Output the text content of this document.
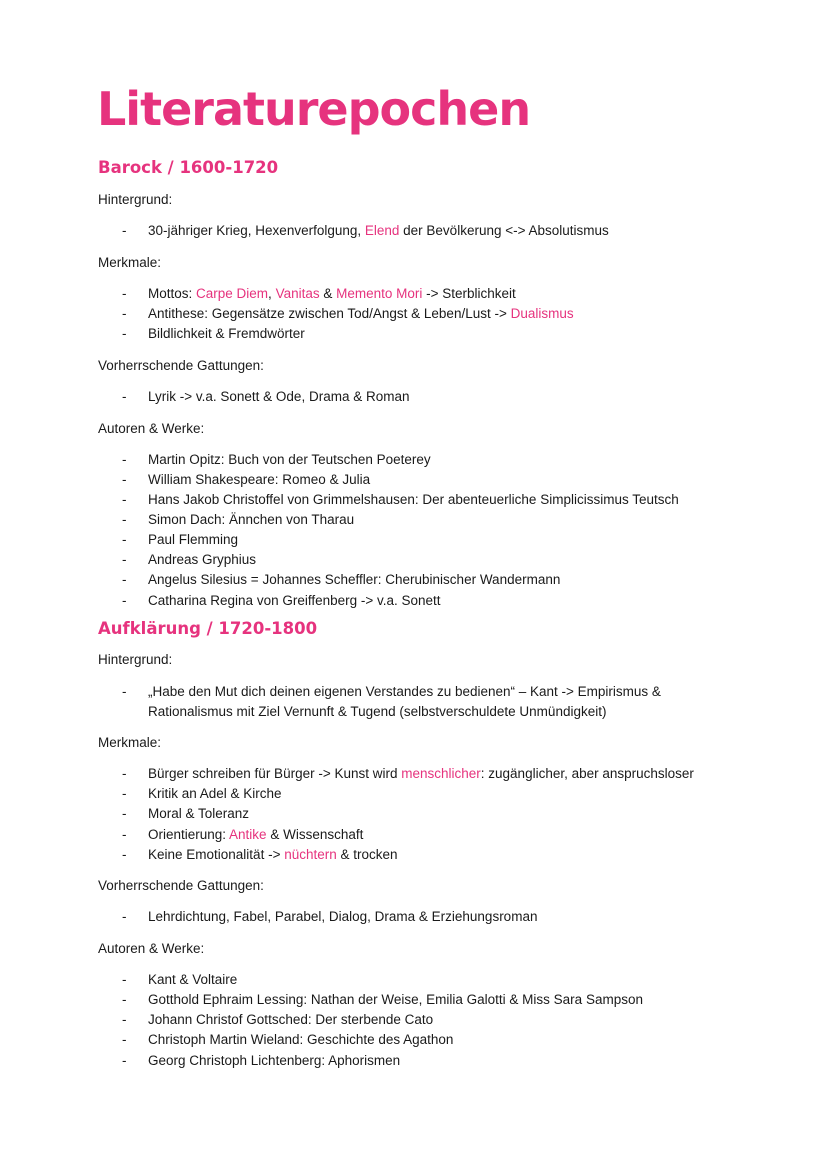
Literaturepochen
Barock / 1600-1720

Hintergrund:

- 30-jähriger Krieg, Hexenverfolgung, Elend der Bevölkerung <-> Absolutismus

Merkmale:

- Mottos: Carpe Diem, Vanitas & Memento Mori -> Sterblichkeit
- Antithese: Gegensätze zwischen Tod/Angst & Leben/Lust -> Dualismus
- Bildlichkeit & Fremdwörter

Vorherrschende Gattungen:

- Lyrik -> v.a. Sonett & Ode, Drama & Roman

Autoren & Werke:

- Martin Opitz: Buch von der Teutschen Poeterey
- William Shakespeare: Romeo & Julia
- Hans Jakob Christoffel von Grimmelshausen: Der abenteuerliche Simplicissimus Teutsch
- Simon Dach: Ännchen von Tharau
- Paul Flemming
- Andreas Gryphius
- Angelus Silesius = Johannes Scheffler: Cherubinischer Wandermann
- Catharina Regina von Greiffenberg -> v.a. Sonett
Aufklärung / 1720-1800

Hintergrund:

- „Habe den Mut dich deinen eigenen Verstandes zu bedienen“ – Kant -> Empirismus & Rationalismus mit Ziel Vernunft & Tugend (selbstverschuldete Unmündigkeit)

Merkmale:

- Bürger schreiben für Bürger -> Kunst wird menschlicher: zugänglicher, aber anspruchsloser
- Kritik an Adel & Kirche
- Moral & Toleranz
- Orientierung: Antike & Wissenschaft
- Keine Emotionalität -> nüchtern & trocken

Vorherrschende Gattungen:

- Lehrdichtung, Fabel, Parabel, Dialog, Drama & Erziehungsroman

Autoren & Werke:

- Kant & Voltaire
- Gotthold Ephraim Lessing: Nathan der Weise, Emilia Galotti & Miss Sara Sampson
- Johann Christof Gottsched: Der sterbende Cato
- Christoph Martin Wieland: Geschichte des Agathon
- Georg Christoph Lichtenberg: Aphorismen
